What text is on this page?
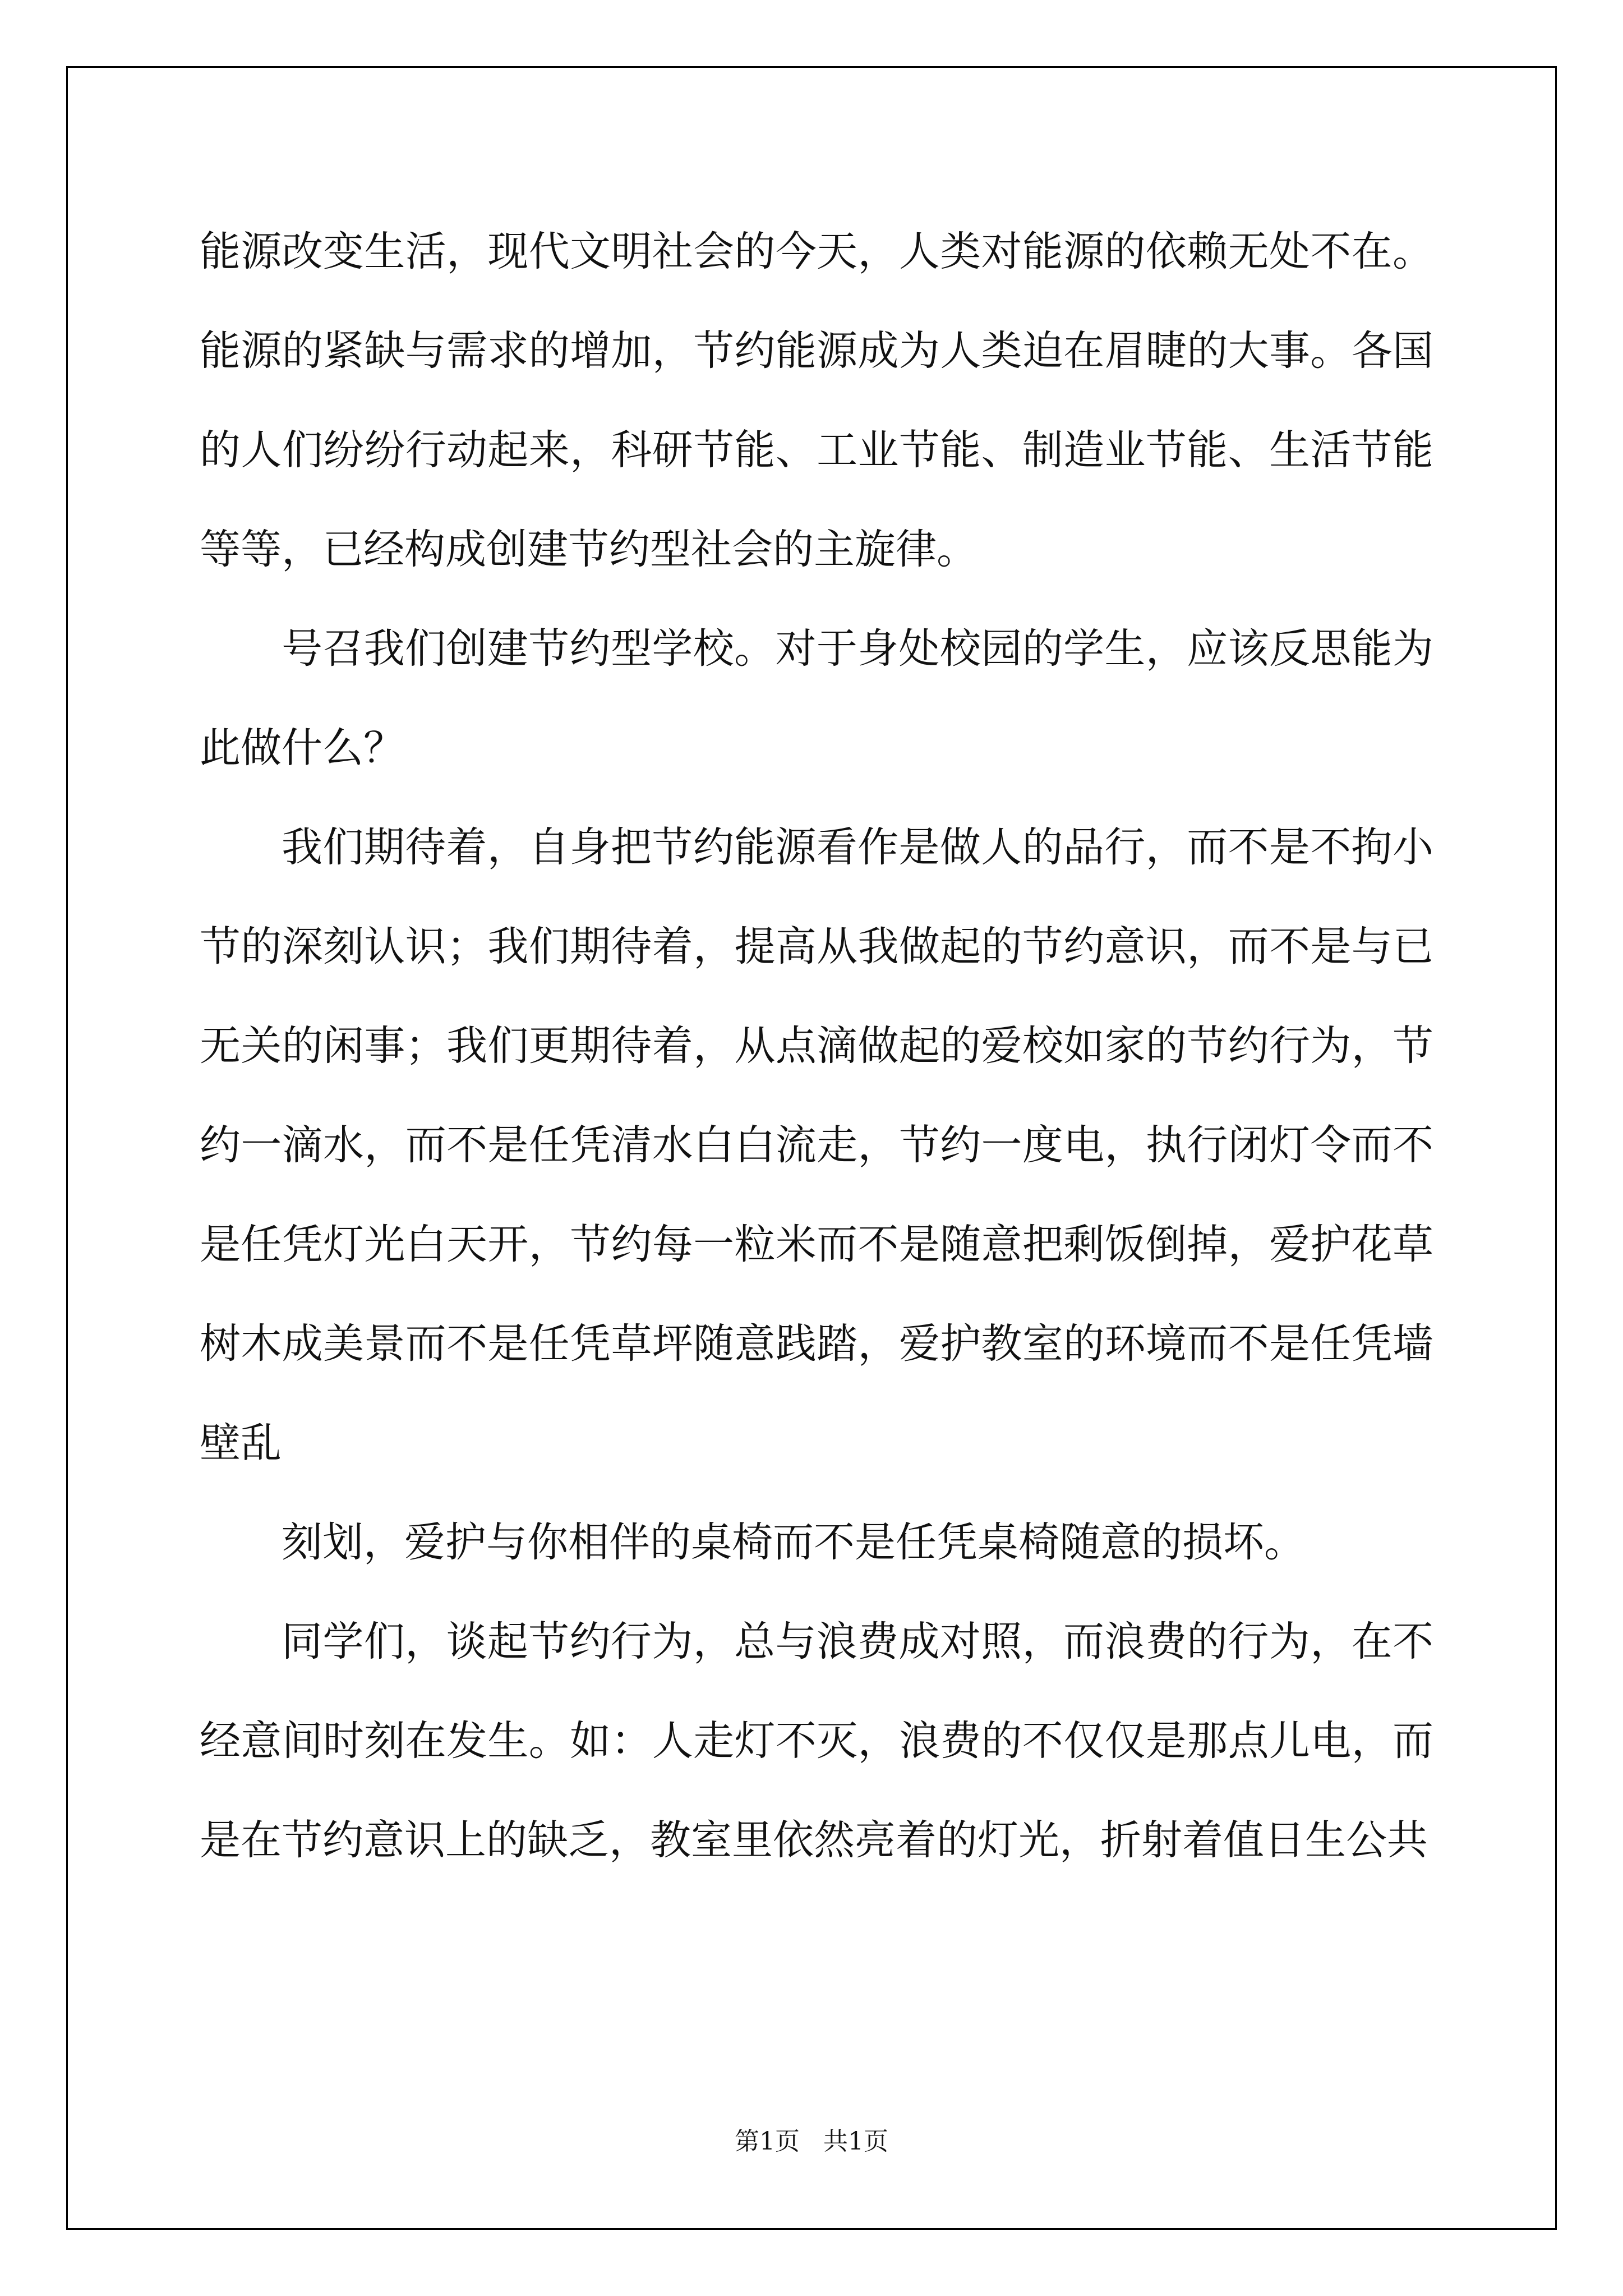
能源改变生活，现代文明社会的今天，人类对能源的依赖无处不在。能源的紧缺与需求的增加，节约能源成为人类迫在眉睫的大事。各国的人们纷纷行动起来，科研节能、工业节能、制造业节能、生活节能等等，已经构成创建节约型社会的主旋律。

号召我们创建节约型学校。对于身处校园的学生，应该反思能为此做什么？

我们期待着，自身把节约能源看作是做人的品行，而不是不拘小节的深刻认识；我们期待着，提高从我做起的节约意识，而不是与已无关的闲事；我们更期待着，从点滴做起的爱校如家的节约行为，节约一滴水，而不是任凭清水白白流走，节约一度电，执行闭灯令而不是任凭灯光白天开，节约每一粒米而不是随意把剩饭倒掉，爱护花草树木成美景而不是任凭草坪随意践踏，爱护教室的环境而不是任凭墙壁乱

刻划，爱护与你相伴的桌椅而不是任凭桌椅随意的损坏。

同学们，谈起节约行为，总与浪费成对照，而浪费的行为，在不经意间时刻在发生。如：人走灯不灭，浪费的不仅仅是那点儿电，而是在节约意识上的缺乏，教室里依然亮着的灯光，折射着值日生公共

第1页   共1页
